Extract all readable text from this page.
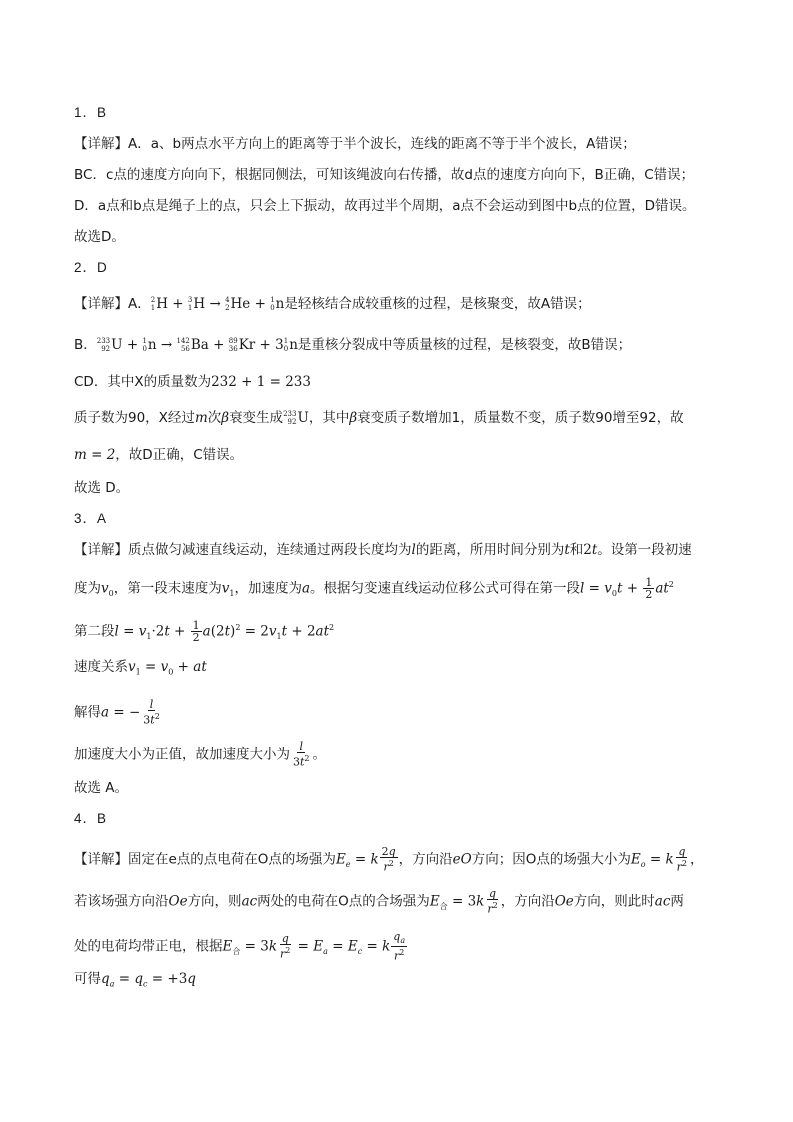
1．B
【详解】A．a、b两点水平方向上的距离等于半个波长，连线的距离不等于半个波长，A错误；
BC．c点的速度方向向下，根据同侧法，可知该绳波向右传播，故d点的速度方向向下，B正确，C错误；
D．a点和b点是绳子上的点，只会上下振动，故再过半个周期，a点不会运动到图中b点的位置，D错误。
故选D。
2．D
【详解】A． 2
1 H + 3
1 H → 4
2 He + 1
0 n是轻核结合成较重核的过程，是核聚变，故A错误；
B． 233
92 U + 1
0 n → 142
56 Ba + 89
36 Kr + 3 1
0 n是重核分裂成中等质量核的过程，是核裂变，故B错误；
CD．其中X的质量数为232 + 1 = 233
质子数为90，X经过m次β衰变生成 233
92 U，其中β衰变质子数增加1，质量数不变，质子数90增至92，故
m = 2，故D正确，C错误。
故选 D。
3．A
【详解】质点做匀减速直线运动，连续通过两段长度均为l的距离，所用时间分别为t和2t。设第一段初速
度为$v_0$，第一段末速度为$v_1$，加速度为a。根据匀变速直线运动位移公式可得在第一段$l = v_0t + \frac{1}{2} at^2$
第二段$l = v_1\cdot 2t + \frac{1}{2} a(2t)^2 = 2v_1t + 2at^2$
速度关系$v_1 = v_0$ + at
解得a = − $\frac{l}{3t^2}$
加速度大小为正值，故加速度大小为 $\frac{l}{3t^2}$ 。
故选 A。
4．B
【详解】固定在e点的点电荷在O点的场强为$E_e = k \frac{2q}{r^2}$ ，方向沿eO方向；因O点的场强大小为$E_o = k \frac{q}{r^2}$ ，
若该场强方向沿Oe方向，则ac两处的电荷在O点的合场强为$E_合 = 3k \frac{q}{r^2}$ ，方向沿Oe方向，则此时ac两
处的电荷均带正电，根据$E_合 = 3k \frac{q}{r^2} = E_a = E_c = k \frac{q_a}{r^2}$
可得$q_a = q_c = +3q$
